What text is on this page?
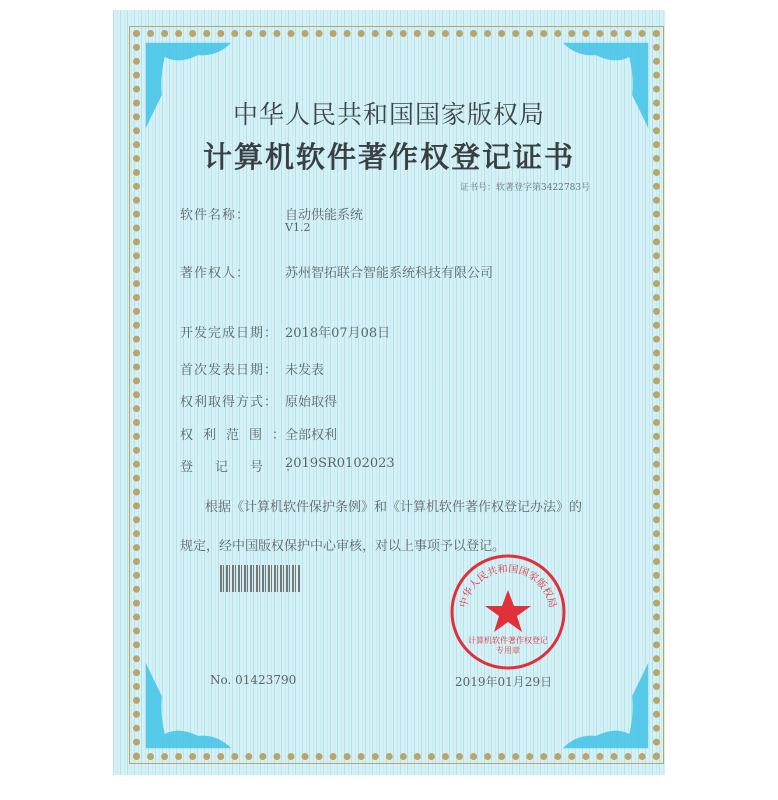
中华人民共和国国家版权局
计算机软件著作权登记证书
证书号：软著登字第3422783号
软件名称：	自动供能系统
V1.2
著作权人：	苏州智拓联合智能系统科技有限公司
开发完成日期： 2018年07月08日
首次发表日期： 未发表
权利取得方式： 原始取得
权利范围：
全部权利
登记号：
2019SR0102023
根据《计算机软件保护条例》和《计算机软件著作权登记办法》的
规定，经中国版权保护中心审核，对以上事项予以登记。
中华人民共和国国家版权局
计算机软件著作权登记专用章
No. 01423790	2019年01月29日
